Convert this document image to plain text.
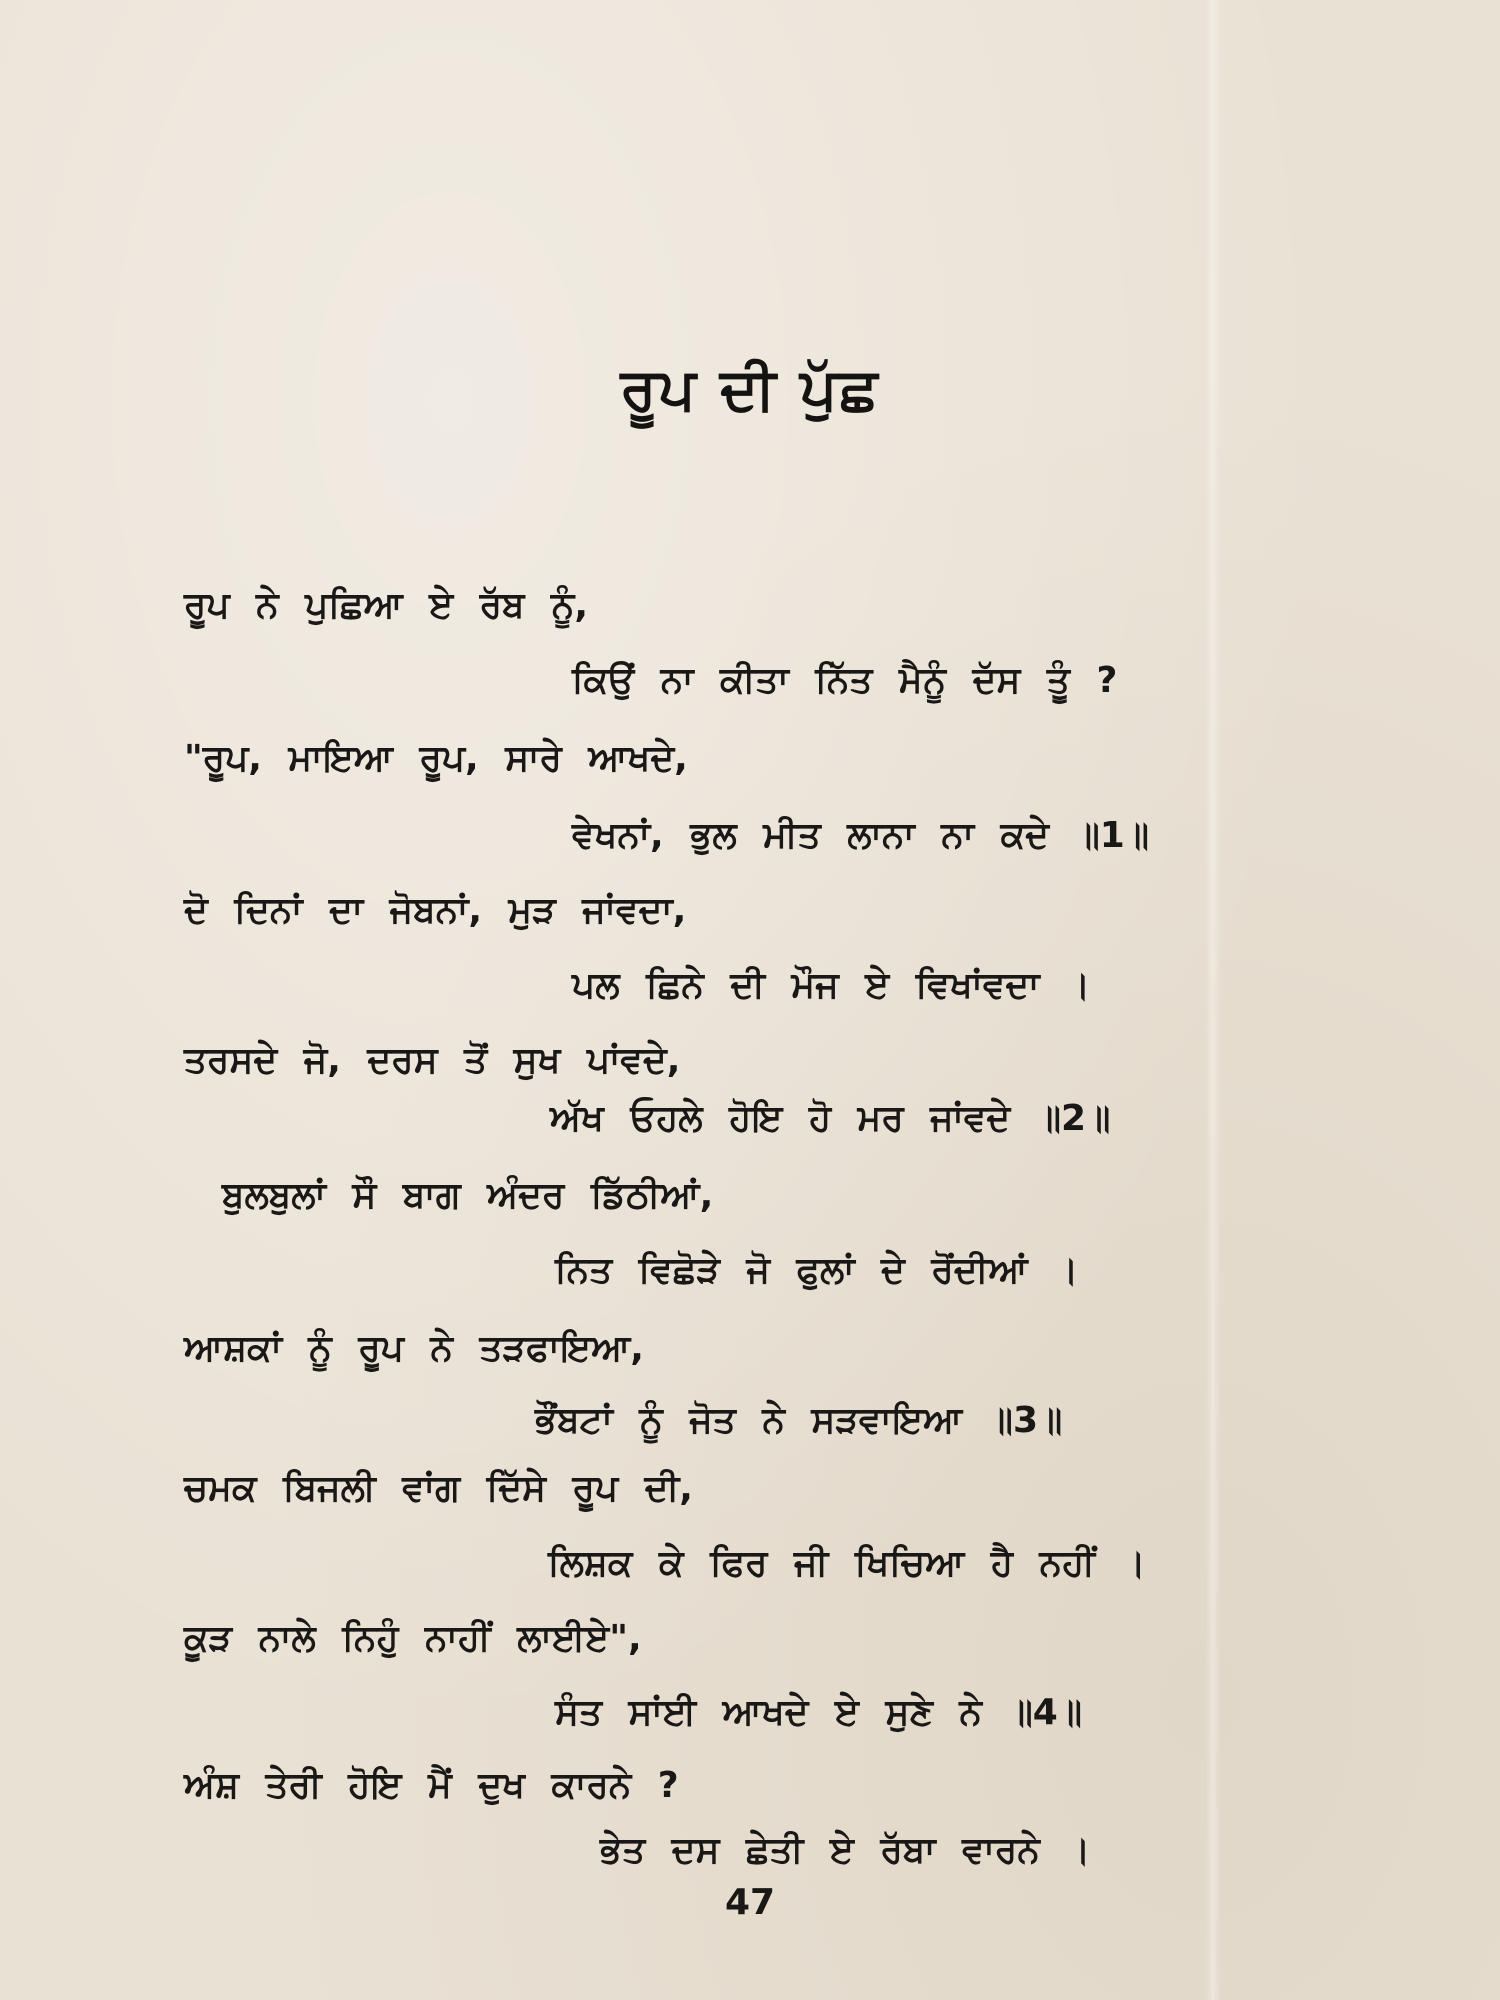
ਰੂਪ ਦੀ ਪੁੱਛ
ਰੂਪ ਨੇ ਪੁਛਿਆ ਏ ਰੱਬ ਨੂੰ,
ਕਿਉਂ ਨਾ ਕੀਤਾ ਨਿੱਤ ਮੈਨੂੰ ਦੱਸ ਤੂੰ ?
"ਰੂਪ, ਮਾਇਆ ਰੂਪ, ਸਾਰੇ ਆਖਦੇ,
ਵੇਖਨਾਂ, ਭੁਲ ਮੀਤ ਲਾਨਾ ਨਾ ਕਦੇ ॥1॥
ਦੋ ਦਿਨਾਂ ਦਾ ਜੋਬਨਾਂ, ਮੁੜ ਜਾਂਵਦਾ,
ਪਲ ਛਿਨੇ ਦੀ ਮੌਜ ਏ ਵਿਖਾਂਵਦਾ ।
ਤਰਸਦੇ ਜੋ, ਦਰਸ ਤੋਂ ਸੁਖ ਪਾਂਵਦੇ,
ਅੱਖ ਓਹਲੇ ਹੋਇ ਹੋ ਮਰ ਜਾਂਵਦੇ ॥2॥
ਬੁਲਬੁਲਾਂ ਸੌ ਬਾਗ ਅੰਦਰ ਡਿੱਠੀਆਂ,
ਨਿਤ ਵਿਛੋੜੇ ਜੋ ਫੁਲਾਂ ਦੇ ਰੋਂਦੀਆਂ ।
ਆਸ਼ਕਾਂ ਨੂੰ ਰੂਪ ਨੇ ਤੜਫਾਇਆ,
ਭੌਂਬਟਾਂ ਨੂੰ ਜੋਤ ਨੇ ਸੜਵਾਇਆ ॥3॥
ਚਮਕ ਬਿਜਲੀ ਵਾਂਗ ਦਿੱਸੇ ਰੂਪ ਦੀ,
ਲਿਸ਼ਕ ਕੇ ਫਿਰ ਜੀ ਖਿਚਿਆ ਹੈ ਨਹੀਂ ।
ਕੂੜ ਨਾਲੇ ਨਿਹੁੰ ਨਾਹੀਂ ਲਾਈਏ",
ਸੰਤ ਸਾਂਈ ਆਖਦੇ ਏ ਸੁਣੇ ਨੇ ॥4॥
ਅੰਸ਼ ਤੇਰੀ ਹੋਇ ਮੈਂ ਦੁਖ ਕਾਰਨੇ ?
ਭੇਤ ਦਸ ਛੇਤੀ ਏ ਰੱਬਾ ਵਾਰਨੇ ।
47
